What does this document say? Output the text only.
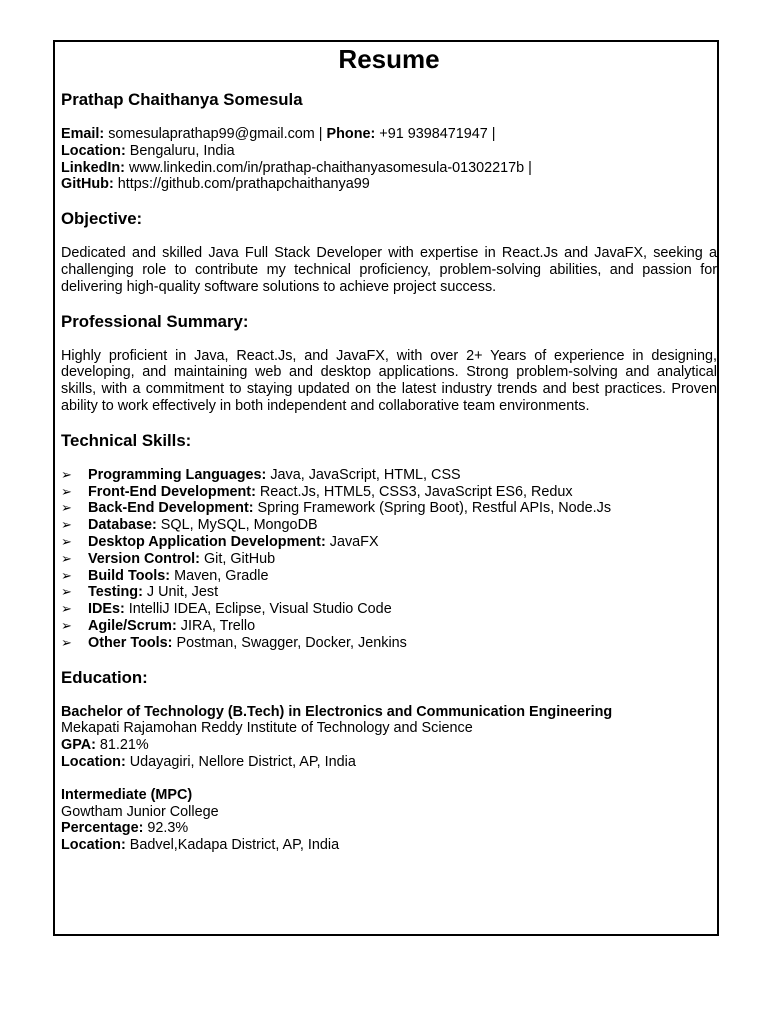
Resume
Prathap Chaithanya Somesula
Email: somesulaprathap99@gmail.com | Phone: +91 9398471947 |
Location: Bengaluru, India
LinkedIn: www.linkedin.com/in/prathap-chaithanyasomesula-01302217b |
GitHub: https://github.com/prathapchaithanya99
Objective:

Dedicated and skilled Java Full Stack Developer with expertise in React.Js and JavaFX, seeking a challenging role to contribute my technical proficiency, problem-solving abilities, and passion for delivering high-quality software solutions to achieve project success.

Professional Summary:

Highly proficient in Java, React.Js, and JavaFX, with over 2+ Years of experience in designing, developing, and maintaining web and desktop applications. Strong problem-solving and analytical skills, with a commitment to staying updated on the latest industry trends and best practices. Proven ability to work effectively in both independent and collaborative team environments.

Technical Skills:
➢ Programming Languages: Java, JavaScript, HTML, CSS
➢ Front-End Development: React.Js, HTML5, CSS3, JavaScript ES6, Redux
➢ Back-End Development: Spring Framework (Spring Boot), Restful APIs, Node.Js
➢ Database: SQL, MySQL, MongoDB
➢ Desktop Application Development: JavaFX
➢ Version Control: Git, GitHub
➢ Build Tools: Maven, Gradle
➢ Testing: J Unit, Jest
➢ IDEs: IntelliJ IDEA, Eclipse, Visual Studio Code
➢ Agile/Scrum: JIRA, Trello
➢ Other Tools: Postman, Swagger, Docker, Jenkins
Education:
Bachelor of Technology (B.Tech) in Electronics and Communication Engineering
Mekapati Rajamohan Reddy Institute of Technology and Science
GPA: 81.21%
Location: Udayagiri, Nellore District, AP, India
Intermediate (MPC)
Gowtham Junior College
Percentage: 92.3%
Location: Badvel,Kadapa District, AP, India
